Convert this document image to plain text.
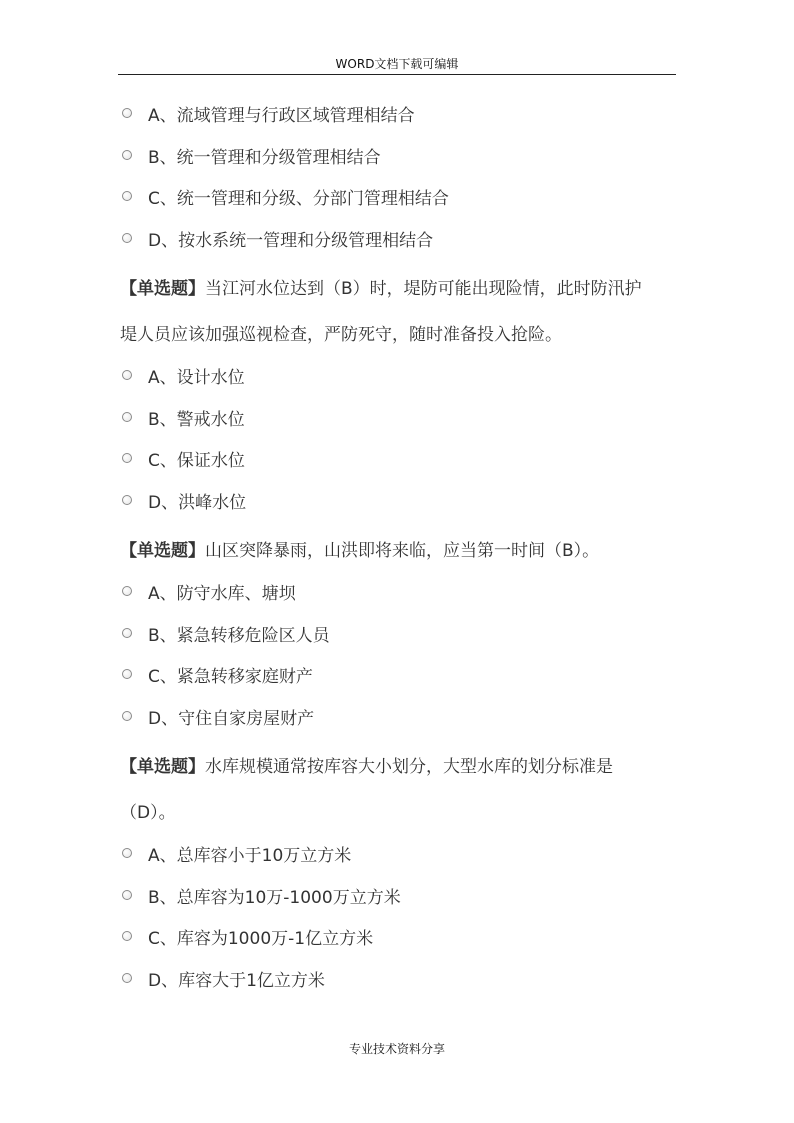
WORD文档下载可编辑
A、流域管理与行政区域管理相结合
B、统一管理和分级管理相结合
C、统一管理和分级、分部门管理相结合
D、按水系统一管理和分级管理相结合
【单选题】当江河水位达到（B）时，堤防可能出现险情，此时防汛护
堤人员应该加强巡视检查，严防死守，随时准备投入抢险。
A、设计水位
B、警戒水位
C、保证水位
D、洪峰水位
【单选题】山区突降暴雨，山洪即将来临，应当第一时间（B）。
A、防守水库、塘坝
B、紧急转移危险区人员
C、紧急转移家庭财产
D、守住自家房屋财产
【单选题】水库规模通常按库容大小划分，大型水库的划分标准是
（D）。
A、总库容小于10万立方米
B、总库容为10万-1000万立方米
C、库容为1000万-1亿立方米
D、库容大于1亿立方米
专业技术资料分享
